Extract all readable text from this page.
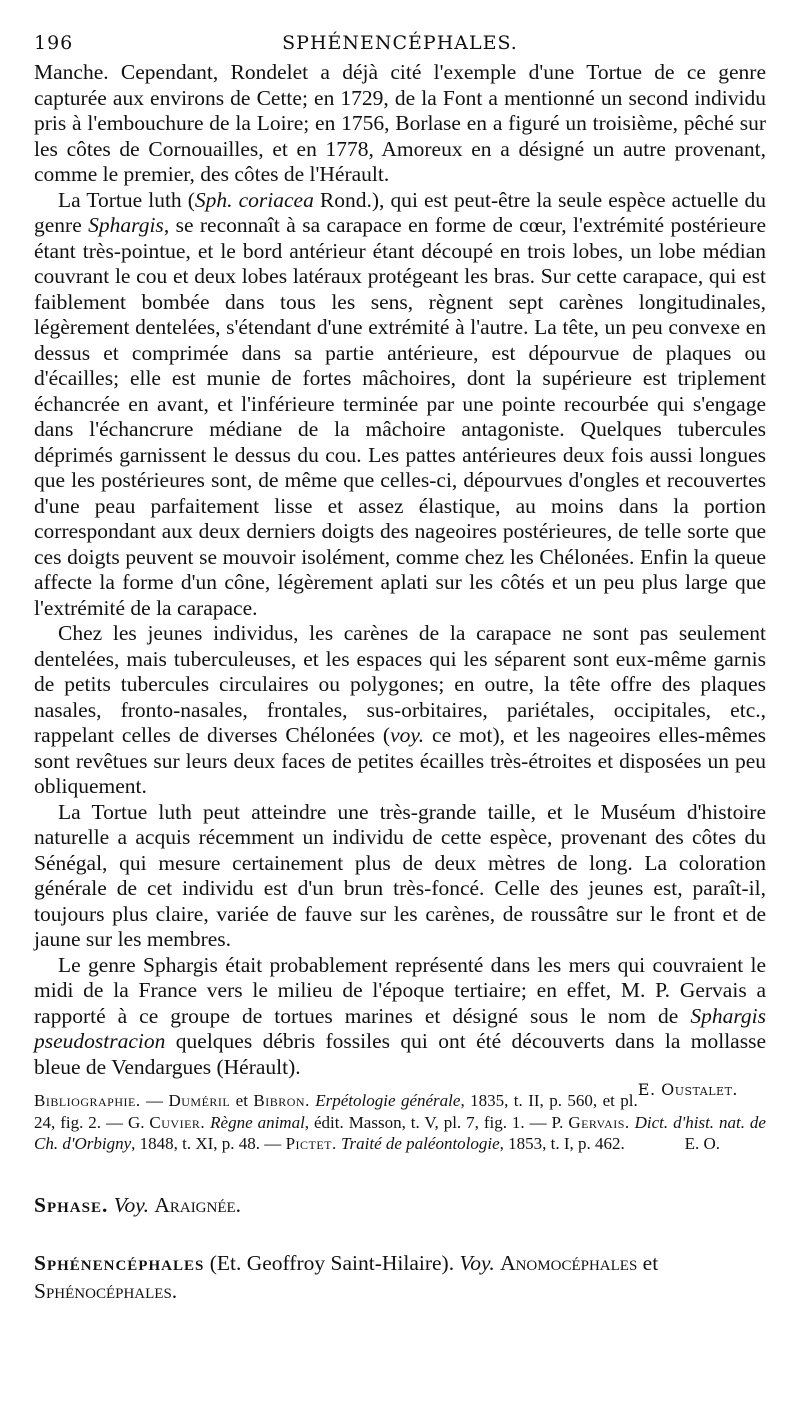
196	SPHÉNENCÉPHALES.

Manche. Cependant, Rondelet a déjà cité l'exemple d'une Tortue de ce genre capturée aux environs de Cette; en 1729, de la Font a mentionné un second individu pris à l'embouchure de la Loire; en 1756, Borlase en a figuré un troisième, pêché sur les côtes de Cornouailles, et en 1778, Amoreux en a désigné un autre provenant, comme le premier, des côtes de l'Hérault.

La Tortue luth (Sph. coriacea Rond.), qui est peut-être la seule espèce actuelle du genre Sphargis, se reconnaît à sa carapace en forme de cœur, l'extrémité postérieure étant très-pointue, et le bord antérieur étant découpé en trois lobes, un lobe médian couvrant le cou et deux lobes latéraux protégeant les bras. Sur cette carapace, qui est faiblement bombée dans tous les sens, règnent sept carènes longitudinales, légèrement dentelées, s'étendant d'une extrémité à l'autre. La tête, un peu convexe en dessus et comprimée dans sa partie antérieure, est dépourvue de plaques ou d'écailles; elle est munie de fortes mâchoires, dont la supérieure est triplement échancrée en avant, et l'inférieure terminée par une pointe recourbée qui s'engage dans l'échancrure médiane de la mâchoire antagoniste. Quelques tubercules déprimés garnissent le dessus du cou. Les pattes antérieures deux fois aussi longues que les postérieures sont, de même que celles-ci, dépourvues d'ongles et recouvertes d'une peau parfaitement lisse et assez élastique, au moins dans la portion correspondant aux deux derniers doigts des nageoires postérieures, de telle sorte que ces doigts peuvent se mouvoir isolément, comme chez les Chélonées. Enfin la queue affecte la forme d'un cône, légèrement aplati sur les côtés et un peu plus large que l'extrémité de la carapace.

Chez les jeunes individus, les carènes de la carapace ne sont pas seulement dentelées, mais tuberculeuses, et les espaces qui les séparent sont eux-même garnis de petits tubercules circulaires ou polygones; en outre, la tête offre des plaques nasales, fronto-nasales, frontales, sus-orbitaires, pariétales, occipitales, etc., rappelant celles de diverses Chélonées (voy. ce mot), et les nageoires elles-mêmes sont revêtues sur leurs deux faces de petites écailles très-étroites et disposées un peu obliquement.

La Tortue luth peut atteindre une très-grande taille, et le Muséum d'histoire naturelle a acquis récemment un individu de cette espèce, provenant des côtes du Sénégal, qui mesure certainement plus de deux mètres de long. La coloration générale de cet individu est d'un brun très-foncé. Celle des jeunes est, paraît-il, toujours plus claire, variée de fauve sur les carènes, de roussâtre sur le front et de jaune sur les membres.

Le genre Sphargis était probablement représenté dans les mers qui couvraient le midi de la France vers le milieu de l'époque tertiaire; en effet, M. P. Gervais a rapporté à ce groupe de tortues marines et désigné sous le nom de Sphargis pseudostracion quelques débris fossiles qui ont été découverts dans la mollasse bleue de Vendargues (Hérault).

E. Oustalet.
Bibliographie. — Duméril et Bibron. Erpétologie générale, 1835, t. II, p. 560, et pl. 24, fig. 2. — G. Cuvier. Règne animal, édit. Masson, t. V, pl. 7, fig. 1. — P. Gervais. Dict. d'hist. nat. de Ch. d'Orbigny, 1848, t. XI, p. 48. — Pictet. Traité de paléontologie, 1853, t. I, p. 462.	E. O.
Sphase. Voy. Araignée.
Sphénencéphales (Et. Geoffroy Saint-Hilaire). Voy. Anomocéphales et Sphénocéphales.
